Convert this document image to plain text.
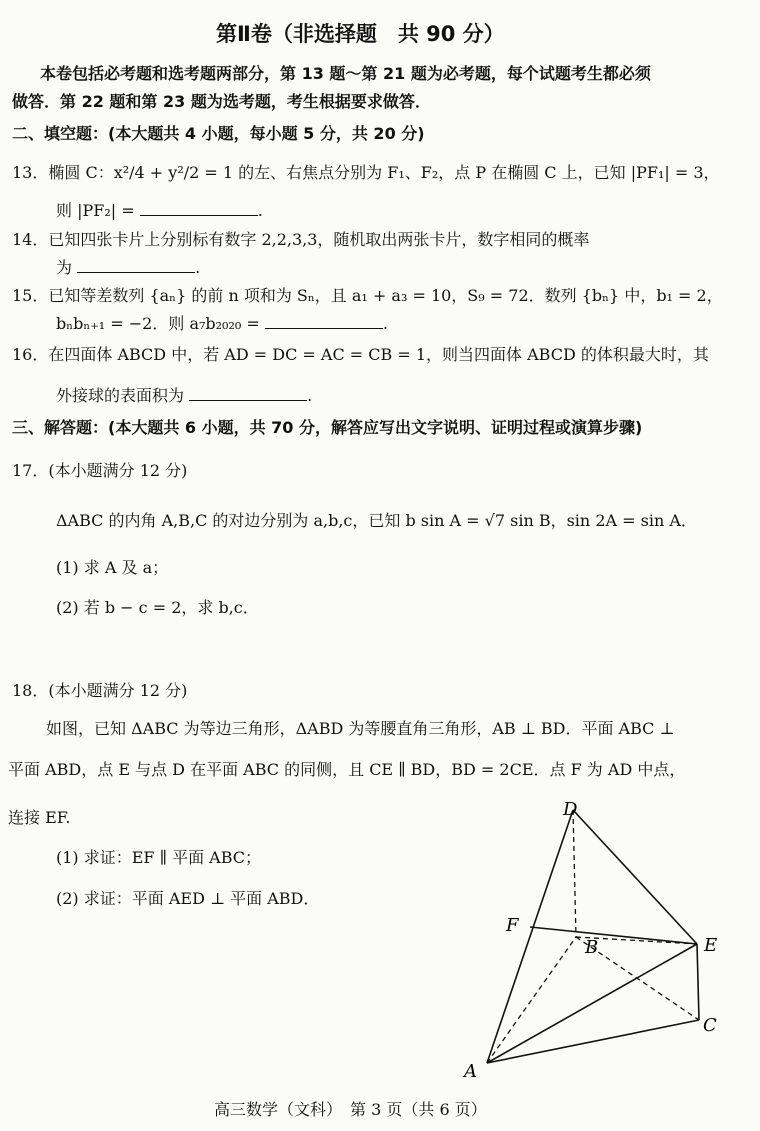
第Ⅱ卷（非选择题　共 90 分）
本卷包括必考题和选考题两部分，第 13 题～第 21 题为必考题，每个试题考生都必须
做答．第 22 题和第 23 题为选考题，考生根据要求做答．
二、填空题：(本大题共 4 小题，每小题 5 分，共 20 分)
13．椭圆 C：x²/4 + y²/2 = 1 的左、右焦点分别为 F₁、F₂，点 P 在椭圆 C 上，已知 |PF₁| = 3，
则 |PF₂| =	.
14．已知四张卡片上分别标有数字 2,2,3,3，随机取出两张卡片，数字相同的概率
为	.
15．已知等差数列 {aₙ} 的前 n 项和为 Sₙ，且 a₁ + a₃ = 10，S₉ = 72．数列 {bₙ} 中，b₁ = 2，
bₙbₙ₊₁ = −2．则 a₇b₂₀₂₀ =	.
16．在四面体 ABCD 中，若 AD = DC = AC = CB = 1，则当四面体 ABCD 的体积最大时，其
外接球的表面积为	.
三、解答题：(本大题共 6 小题，共 70 分，解答应写出文字说明、证明过程或演算步骤)
17．(本小题满分 12 分)
ΔABC 的内角 A,B,C 的对边分别为 a,b,c，已知 b sin A = √7 sin B，sin 2A = sin A．
(1) 求 A 及 a；
(2) 若 b − c = 2，求 b,c．
18．(本小题满分 12 分)
如图，已知 ΔABC 为等边三角形，ΔABD 为等腰直角三角形，AB ⊥ BD．平面 ABC ⊥
平面 ABD，点 E 与点 D 在平面 ABC 的同侧，且 CE ∥ BD，BD = 2CE．点 F 为 AD 中点，
连接 EF.
(1) 求证：EF ∥ 平面 ABC；
(2) 求证：平面 AED ⊥ 平面 ABD．
D
F
B	E
C
A
高三数学（文科）　第 3 页（共 6 页）
